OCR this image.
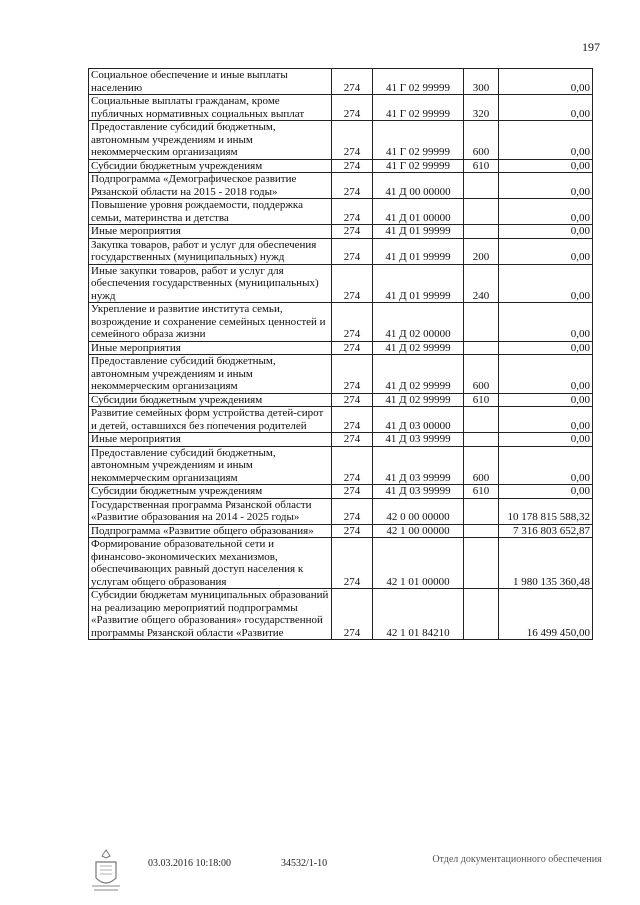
197
Социальное обеспечение и иные выплаты населению	274	41 Г 02 99999	300	0,00
Социальные выплаты гражданам, кроме публичных нормативных социальных выплат	274	41 Г 02 99999	320	0,00
Предоставление субсидий бюджетным, автономным учреждениям и иным некоммерческим организациям	274	41 Г 02 99999	600	0,00
Субсидии бюджетным учреждениям	274	41 Г 02 99999	610	0,00
Подпрограмма «Демографическое развитие Рязанской области на 2015 - 2018 годы»	274	41 Д 00 00000		0,00
Повышение уровня рождаемости, поддержка семьи, материнства и детства	274	41 Д 01 00000		0,00
Иные мероприятия	274	41 Д 01 99999		0,00
Закупка товаров, работ и услуг для обеспечения государственных (муниципальных) нужд	274	41 Д 01 99999	200	0,00
Иные закупки товаров, работ и услуг для обеспечения государственных (муниципальных) нужд	274	41 Д 01 99999	240	0,00
Укрепление и развитие института семьи, возрождение и сохранение семейных ценностей и семейного образа жизни	274	41 Д 02 00000		0,00
Иные мероприятия	274	41 Д 02 99999		0,00
Предоставление субсидий бюджетным, автономным учреждениям и иным некоммерческим организациям	274	41 Д 02 99999	600	0,00
Субсидии бюджетным учреждениям	274	41 Д 02 99999	610	0,00
Развитие семейных форм устройства детей-сирот и детей, оставшихся без попечения родителей	274	41 Д 03 00000		0,00
Иные мероприятия	274	41 Д 03 99999		0,00
Предоставление субсидий бюджетным, автономным учреждениям и иным некоммерческим организациям	274	41 Д 03 99999	600	0,00
Субсидии бюджетным учреждениям	274	41 Д 03 99999	610	0,00
Государственная программа Рязанской области «Развитие образования на 2014 - 2025 годы»	274	42 0 00 00000		10 178 815 588,32
Подпрограмма «Развитие общего образования»	274	42 1 00 00000		7 316 803 652,87
Формирование образовательной сети и финансово-экономических механизмов, обеспечивающих равный доступ населения к услугам общего образования	274	42 1 01 00000		1 980 135 360,48
Субсидии бюджетам муниципальных образований на реализацию мероприятий подпрограммы «Развитие общего образования» государственной программы Рязанской области «Развитие	274	42 1 01 84210		16 499 450,00
03.03.2016 10:18:00	34532/1-10	Отдел документационного обеспечения
